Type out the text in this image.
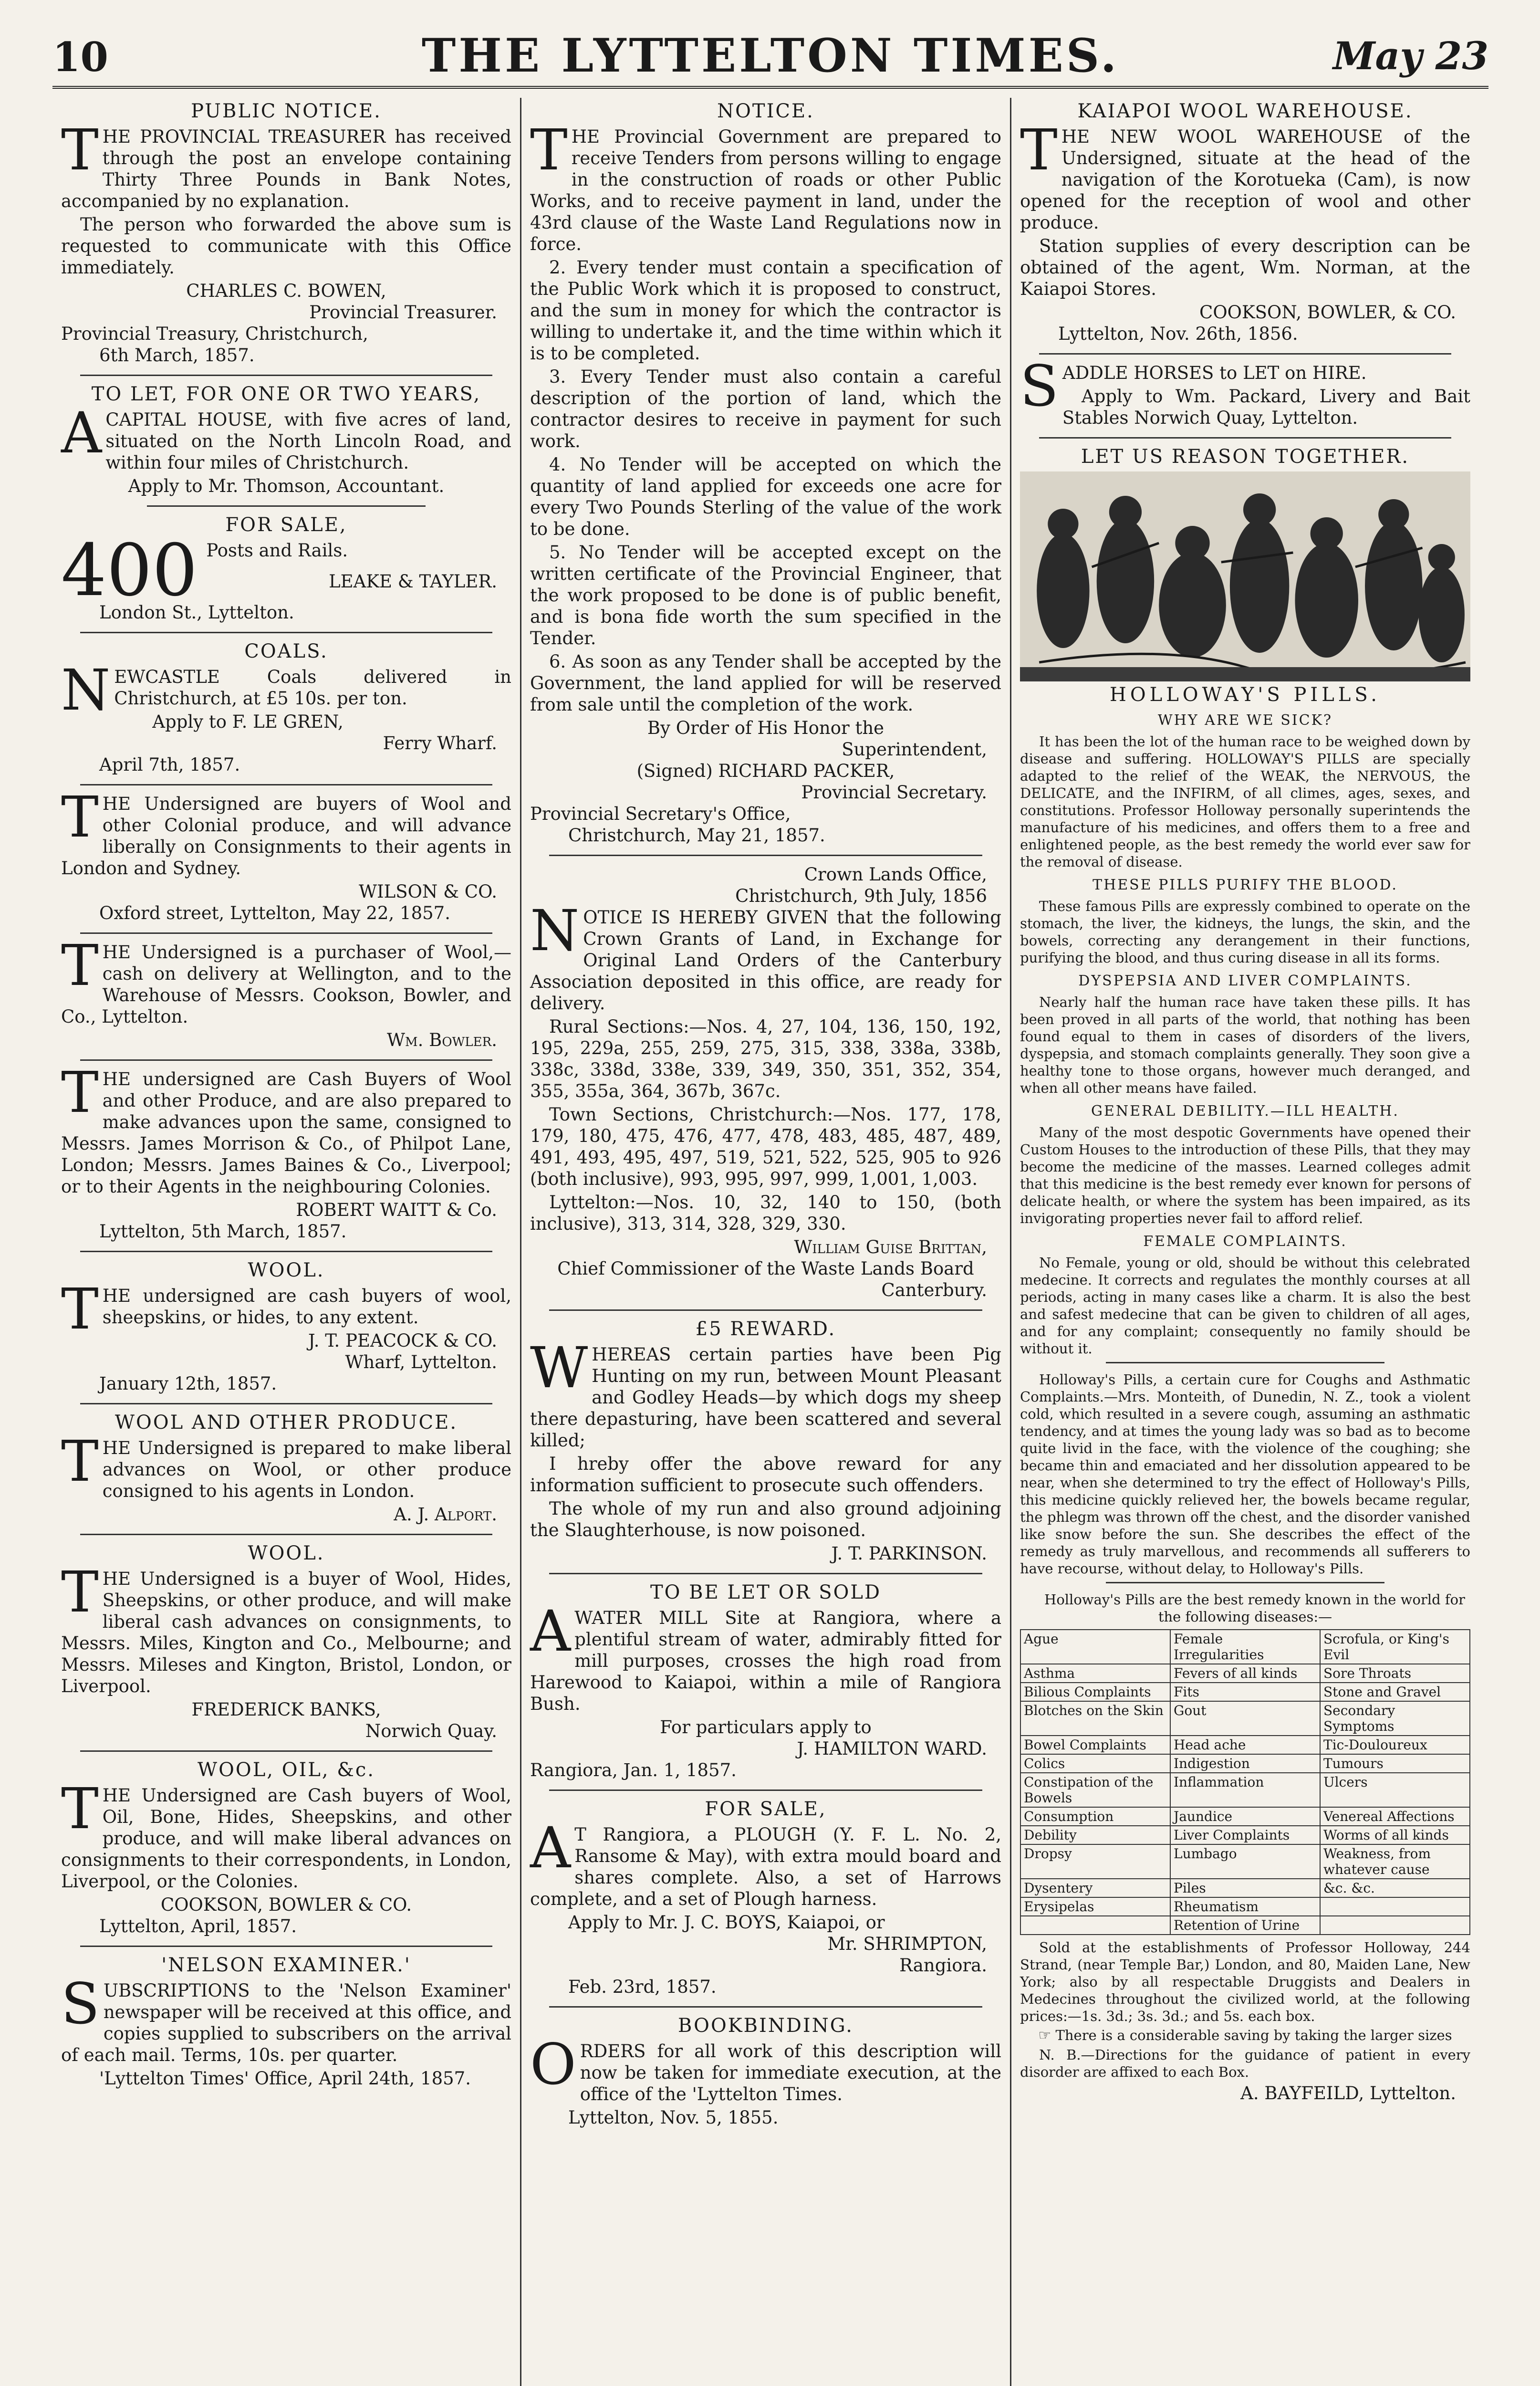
10	THE LYTTELTON TIMES.	May 23
PUBLIC NOTICE.

THE PROVINCIAL TREASURER has received through the post an envelope containing Thirty Three Pounds in Bank Notes, accompanied by no explanation.

The person who forwarded the above sum is requested to communicate with this Office immediately.

CHARLES C. BOWEN,
Provincial Treasurer.
Provincial Treasury, Christchurch,
6th March, 1857.
TO LET, FOR ONE OR TWO YEARS,

ACAPITAL HOUSE, with five acres of land, situated on the North Lincoln Road, and within four miles of Christchurch.

Apply to Mr. Thomson, Accountant.
FOR SALE,
400 Posts and Rails.
LEAKE & TAYLER.
London St., Lyttelton.
COALS.

NEWCASTLE Coals delivered in Christchurch, at £5 10s. per ton.

Apply to F. LE GREN,
Ferry Wharf.
April 7th, 1857.

THE Undersigned are buyers of Wool and other Colonial produce, and will advance liberally on Consignments to their agents in London and Sydney.

WILSON & CO.
Oxford street, Lyttelton, May 22, 1857.

THE Undersigned is a purchaser of Wool,—cash on delivery at Wellington, and to the Warehouse of Messrs. Cookson, Bowler, and Co., Lyttelton.

Wm. Bowler.

THE undersigned are Cash Buyers of Wool and other Produce, and are also prepared to make advances upon the same, consigned to Messrs. James Morrison & Co., of Philpot Lane, London; Messrs. James Baines & Co., Liverpool; or to their Agents in the neighbouring Colonies.

ROBERT WAITT & Co.
Lyttelton, 5th March, 1857.
WOOL.

THE undersigned are cash buyers of wool, sheepskins, or hides, to any extent.

J. T. PEACOCK & CO.
Wharf, Lyttelton.
January 12th, 1857.
WOOL AND OTHER PRODUCE.

THE Undersigned is prepared to make liberal advances on Wool, or other produce consigned to his agents in London.

A. J. Alport.
WOOL.

THE Undersigned is a buyer of Wool, Hides, Sheepskins, or other produce, and will make liberal cash advances on consignments, to Messrs. Miles, Kington and Co., Melbourne; and Messrs. Mileses and Kington, Bristol, London, or Liverpool.

FREDERICK BANKS,
Norwich Quay.
WOOL, OIL, &c.

THE Undersigned are Cash buyers of Wool, Oil, Bone, Hides, Sheepskins, and other produce, and will make liberal advances on consignments to their correspondents, in London, Liverpool, or the Colonies.

COOKSON, BOWLER & CO.
Lyttelton, April, 1857.
'NELSON EXAMINER.'

SUBSCRIPTIONS to the 'Nelson Examiner' newspaper will be received at this office, and copies supplied to subscribers on the arrival of each mail. Terms, 10s. per quarter.

'Lyttelton Times' Office, April 24th, 1857.
NOTICE.

THE Provincial Government are prepared to receive Tenders from persons willing to engage in the construction of roads or other Public Works, and to receive payment in land, under the 43rd clause of the Waste Land Regulations now in force.

2. Every tender must contain a specification of the Public Work which it is proposed to construct, and the sum in money for which the contractor is willing to undertake it, and the time within which it is to be completed.

3. Every Tender must also contain a careful description of the portion of land, which the contractor desires to receive in payment for such work.

4. No Tender will be accepted on which the quantity of land applied for exceeds one acre for every Two Pounds Sterling of the value of the work to be done.

5. No Tender will be accepted except on the written certificate of the Provincial Engineer, that the work proposed to be done is of public benefit, and is bona fide worth the sum specified in the Tender.

6. As soon as any Tender shall be accepted by the Government, the land applied for will be reserved from sale until the completion of the work.

By Order of His Honor the
Superintendent,
(Signed) RICHARD PACKER,
Provincial Secretary.
Provincial Secretary's Office,
Christchurch, May 21, 1857.
Crown Lands Office,
Christchurch, 9th July, 1856

NOTICE IS HEREBY GIVEN that the following Crown Grants of Land, in Exchange for Original Land Orders of the Canterbury Association deposited in this office, are ready for delivery.

Rural Sections:—Nos. 4, 27, 104, 136, 150, 192, 195, 229a, 255, 259, 275, 315, 338, 338a, 338b, 338c, 338d, 338e, 339, 349, 350, 351, 352, 354, 355, 355a, 364, 367b, 367c.

Town Sections, Christchurch:—Nos. 177, 178, 179, 180, 475, 476, 477, 478, 483, 485, 487, 489, 491, 493, 495, 497, 519, 521, 522, 525, 905 to 926 (both inclusive), 993, 995, 997, 999, 1,001, 1,003.

Lyttelton:—Nos. 10, 32, 140 to 150, (both inclusive), 313, 314, 328, 329, 330.

William Guise Brittan,
Chief Commissioner of the Waste Lands Board
Canterbury.
£5 REWARD.

WHEREAS certain parties have been Pig Hunting on my run, between Mount Pleasant and Godley Heads—by which dogs my sheep there depasturing, have been scattered and several killed;

I hreby offer the above reward for any information sufficient to prosecute such offenders.

The whole of my run and also ground adjoining the Slaughterhouse, is now poisoned.

J. T. PARKINSON.
TO BE LET OR SOLD

AWATER MILL Site at Rangiora, where a plentiful stream of water, admirably fitted for mill purposes, crosses the high road from Harewood to Kaiapoi, within a mile of Rangiora Bush.

For particulars apply to
J. HAMILTON WARD.
Rangiora, Jan. 1, 1857.
FOR SALE,

AT Rangiora, a PLOUGH (Y. F. L. No. 2, Ransome & May), with extra mould board and shares complete. Also, a set of Harrows complete, and a set of Plough harness.

Apply to Mr. J. C. BOYS, Kaiapoi, or
Mr. SHRIMPTON,
Rangiora.
Feb. 23rd, 1857.
BOOKBINDING.

ORDERS for all work of this description will now be taken for immediate execution, at the office of the 'Lyttelton Times.

Lyttelton, Nov. 5, 1855.
KAIAPOI WOOL WAREHOUSE.

THE NEW WOOL WAREHOUSE of the Undersigned, situate at the head of the navigation of the Korotueka (Cam), is now opened for the reception of wool and other produce.

Station supplies of every description can be obtained of the agent, Wm. Norman, at the Kaiapoi Stores.

COOKSON, BOWLER, & CO.
Lyttelton, Nov. 26th, 1856.

SADDLE HORSES to LET on HIRE.

Apply to Wm. Packard, Livery and Bait Stables Norwich Quay, Lyttelton.

LET US REASON TOGETHER.
HOLLOWAY'S PILLS.
WHY ARE WE SICK?

It has been the lot of the human race to be weighed down by disease and suffering. HOLLOWAY'S PILLS are specially adapted to the relief of the WEAK, the NERVOUS, the DELICATE, and the INFIRM, of all climes, ages, sexes, and constitutions. Professor Holloway personally superintends the manufacture of his medicines, and offers them to a free and enlightened people, as the best remedy the world ever saw for the removal of disease.

THESE PILLS PURIFY THE BLOOD.

These famous Pills are expressly combined to operate on the stomach, the liver, the kidneys, the lungs, the skin, and the bowels, correcting any derangement in their functions, purifying the blood, and thus curing disease in all its forms.

DYSPEPSIA AND LIVER COMPLAINTS.

Nearly half the human race have taken these pills. It has been proved in all parts of the world, that nothing has been found equal to them in cases of disorders of the livers, dyspepsia, and stomach complaints generally. They soon give a healthy tone to those organs, however much deranged, and when all other means have failed.

GENERAL DEBILITY.—ILL HEALTH.

Many of the most despotic Governments have opened their Custom Houses to the introduction of these Pills, that they may become the medicine of the masses. Learned colleges admit that this medicine is the best remedy ever known for persons of delicate health, or where the system has been impaired, as its invigorating properties never fail to afford relief.

FEMALE COMPLAINTS.

No Female, young or old, should be without this celebrated medecine. It corrects and regulates the monthly courses at all periods, acting in many cases like a charm. It is also the best and safest medecine that can be given to children of all ages, and for any complaint; consequently no family should be without it.

Holloway's Pills, a certain cure for Coughs and Asthmatic Complaints.—Mrs. Monteith, of Dunedin, N. Z., took a violent cold, which resulted in a severe cough, assuming an asthmatic tendency, and at times the young lady was so bad as to become quite livid in the face, with the violence of the coughing; she became thin and emaciated and her dissolution appeared to be near, when she determined to try the effect of Holloway's Pills, this medicine quickly relieved her, the bowels became regular, the phlegm was thrown off the chest, and the disorder vanished like snow before the sun. She describes the effect of the remedy as truly marvellous, and recommends all sufferers to have recourse, without delay, to Holloway's Pills.

Holloway's Pills are the best remedy known in the world for the following diseases:—

Ague	Female Irregularities	Scrofula, or King's Evil
Asthma	Fevers of all kinds	Sore Throats
Bilious Complaints	Fits	Stone and Gravel
Blotches on the Skin	Gout	Secondary Symptoms
Bowel Complaints	Head ache	Tic-Douloureux
Colics	Indigestion	Tumours
Constipation of the Bowels	Inflammation	Ulcers
Consumption	Jaundice	Venereal Affections
Debility	Liver Complaints	Worms of all kinds
Dropsy	Lumbago	Weakness, from whatever cause
Dysentery	Piles	&c. &c.
Erysipelas	Rheumatism	
	Retention of Urine	

Sold at the establishments of Professor Holloway, 244 Strand, (near Temple Bar,) London, and 80, Maiden Lane, New York; also by all respectable Druggists and Dealers in Medecines throughout the civilized world, at the following prices:—1s. 3d.; 3s. 3d.; and 5s. each box.

☞ There is a considerable saving by taking the larger sizes

N. B.—Directions for the guidance of patient in every disorder are affixed to each Box.

A. BAYFEILD, Lyttelton.
